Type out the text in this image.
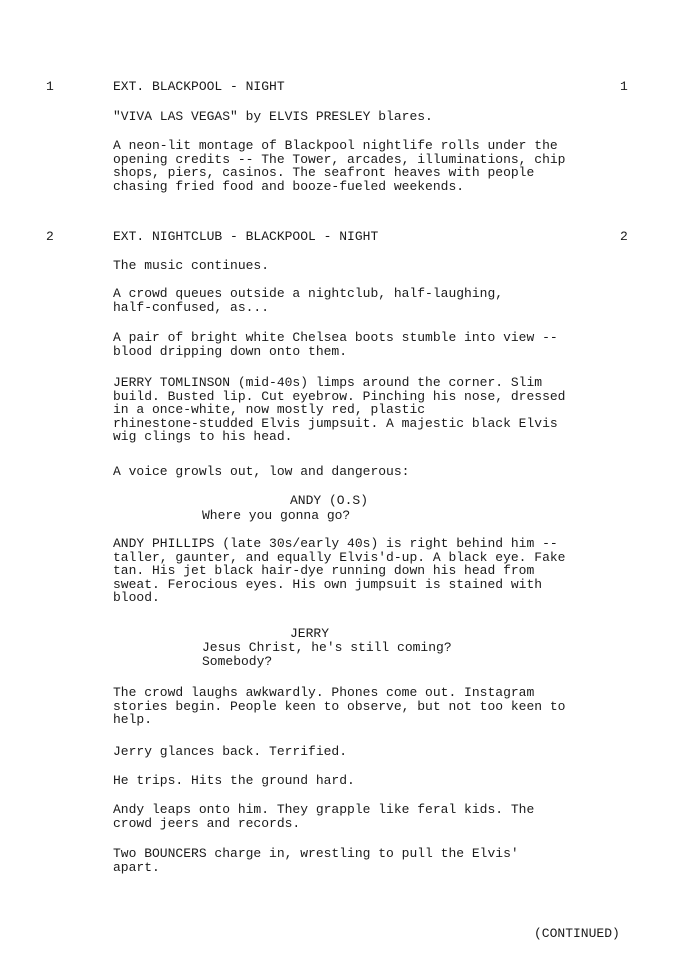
1	EXT. BLACKPOOL - NIGHT	1
"VIVA LAS VEGAS" by ELVIS PRESLEY blares.
A neon-lit montage of Blackpool nightlife rolls under the
opening credits -- The Tower, arcades, illuminations, chip
shops, piers, casinos. The seafront heaves with people
chasing fried food and booze-fueled weekends.
2	EXT. NIGHTCLUB - BLACKPOOL - NIGHT	2
The music continues.
A crowd queues outside a nightclub, half-laughing,
half-confused, as...
A pair of bright white Chelsea boots stumble into view --
blood dripping down onto them.
JERRY TOMLINSON (mid-40s) limps around the corner. Slim
build. Busted lip. Cut eyebrow. Pinching his nose, dressed
in a once-white, now mostly red, plastic
rhinestone-studded Elvis jumpsuit. A majestic black Elvis
wig clings to his head.
A voice growls out, low and dangerous:
ANDY (O.S)
Where you gonna go?
ANDY PHILLIPS (late 30s/early 40s) is right behind him --
taller, gaunter, and equally Elvis'd-up. A black eye. Fake
tan. His jet black hair-dye running down his head from
sweat. Ferocious eyes. His own jumpsuit is stained with
blood.
JERRY
Jesus Christ, he's still coming?
Somebody?
The crowd laughs awkwardly. Phones come out. Instagram
stories begin. People keen to observe, but not too keen to
help.
Jerry glances back. Terrified.
He trips. Hits the ground hard.
Andy leaps onto him. They grapple like feral kids. The
crowd jeers and records.
Two BOUNCERS charge in, wrestling to pull the Elvis'
apart.
(CONTINUED)
